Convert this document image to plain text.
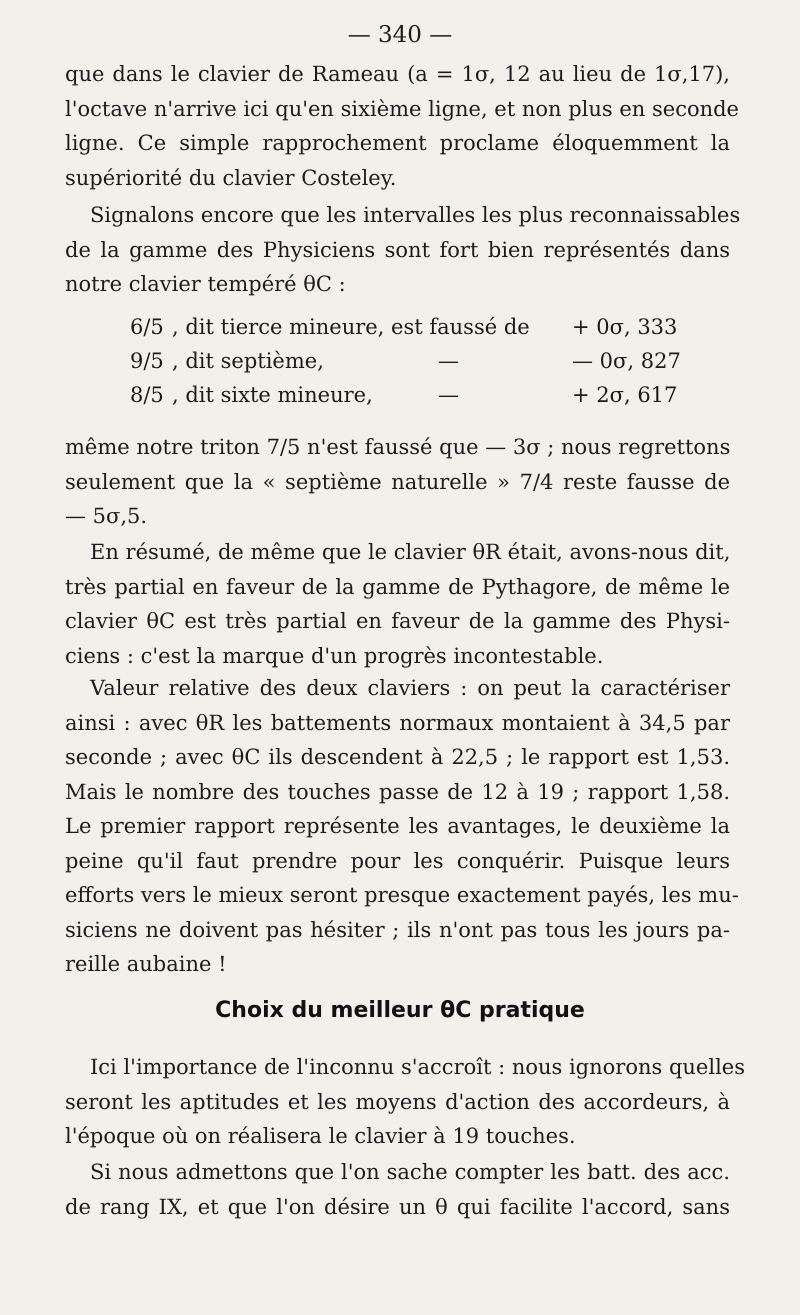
— 340 —
que dans le clavier de Rameau (a = 1σ, 12 au lieu de 1σ,17),
l'octave n'arrive ici qu'en sixième ligne, et non plus en seconde
ligne. Ce simple rapprochement proclame éloquemment la
supériorité du clavier Costeley.
Signalons encore que les intervalles les plus reconnaissables
de la gamme des Physiciens sont fort bien représentés dans
notre clavier tempéré θC :
6/5 , dit tierce mineure, est faussé de + 0σ, 333
9/5 , dit septième,	—	— 0σ, 827
8/5 , dit sixte mineure,	—	+ 2σ, 617
même notre triton 7/5 n'est faussé que — 3σ ; nous regrettons
seulement que la « septième naturelle » 7/4 reste fausse de
— 5σ,5.
En résumé, de même que le clavier θR était, avons-nous dit,
très partial en faveur de la gamme de Pythagore, de même le
clavier θC est très partial en faveur de la gamme des Physi-
ciens : c'est la marque d'un progrès incontestable.
Valeur relative des deux claviers : on peut la caractériser
ainsi : avec θR les battements normaux montaient à 34,5 par
seconde ; avec θC ils descendent à 22,5 ; le rapport est 1,53.
Mais le nombre des touches passe de 12 à 19 ; rapport 1,58.
Le premier rapport représente les avantages, le deuxième la
peine qu'il faut prendre pour les conquérir. Puisque leurs
efforts vers le mieux seront presque exactement payés, les mu-
siciens ne doivent pas hésiter ; ils n'ont pas tous les jours pa-
reille aubaine !
Choix du meilleur θC pratique
Ici l'importance de l'inconnu s'accroît : nous ignorons quelles
seront les aptitudes et les moyens d'action des accordeurs, à
l'époque où on réalisera le clavier à 19 touches.
Si nous admettons que l'on sache compter les batt. des acc.
de rang IX, et que l'on désire un θ qui facilite l'accord, sans
